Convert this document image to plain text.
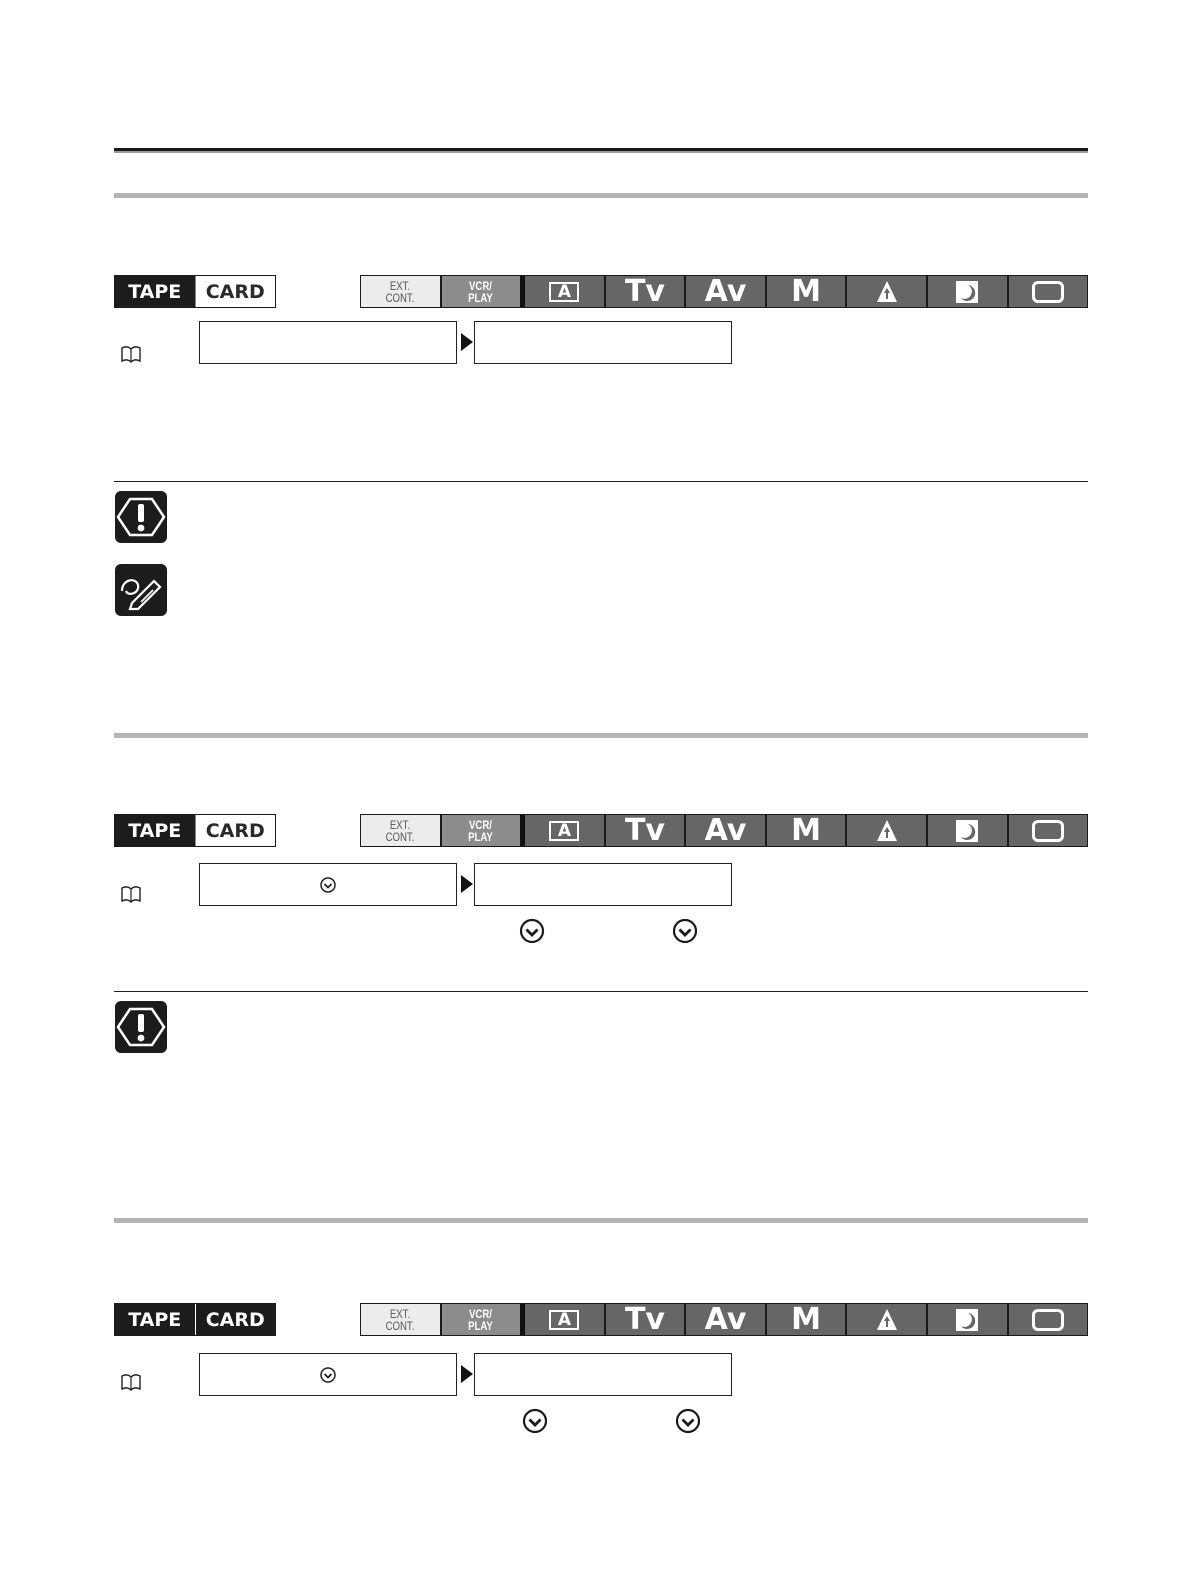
TAPE	CARD	EXT.
CONT.
VCR/
PLAY	A Tv Av M
TAPE	CARD	EXT.
CONT.
VCR/
PLAY	A Tv Av M
TAPE	CARD	EXT.
CONT.
VCR/
PLAY	A Tv Av M
